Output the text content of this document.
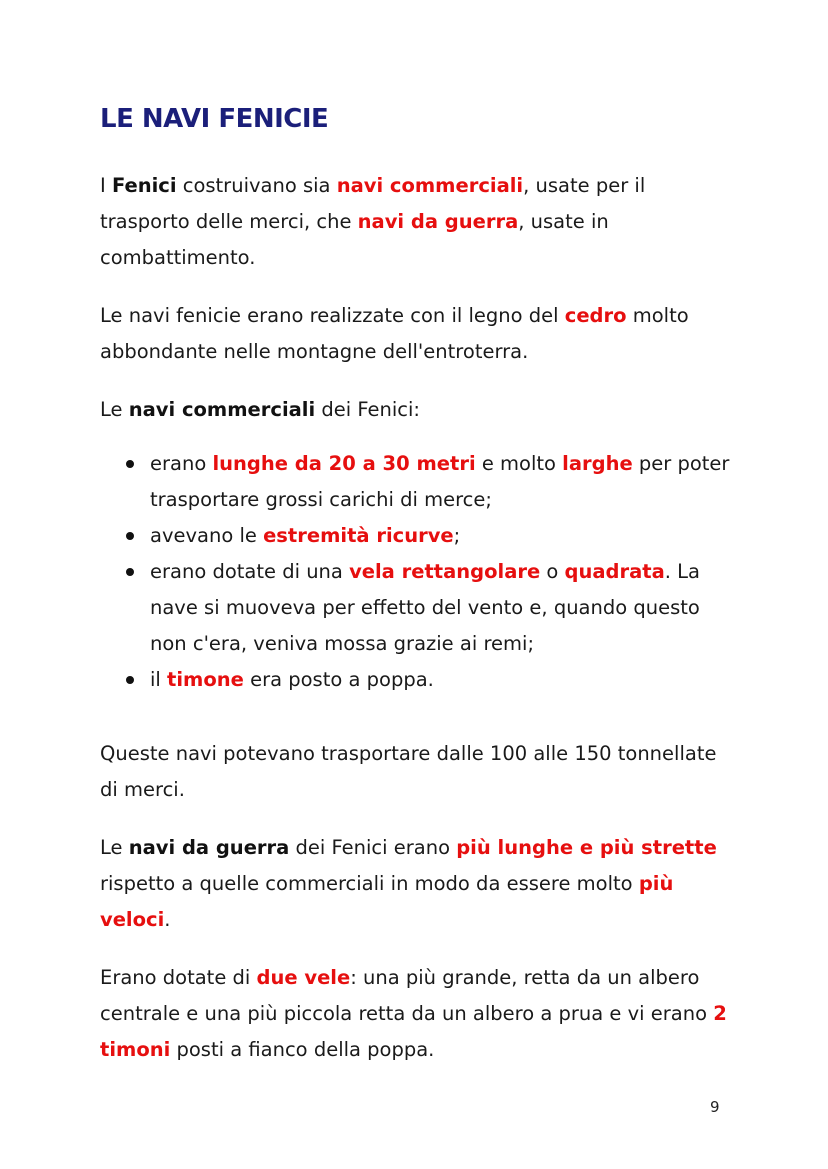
LE NAVI FENICIE

I Fenici costruivano sia navi commerciali, usate per il trasporto delle merci, che navi da guerra, usate in combattimento.

Le navi fenicie erano realizzate con il legno del cedro molto abbondante nelle montagne dell'entroterra.

Le navi commerciali dei Fenici:

erano lunghe da 20 a 30 metri e molto larghe per poter trasportare grossi carichi di merce;
avevano le estremità ricurve;
erano dotate di una vela rettangolare o quadrata. La nave si muoveva per effetto del vento e, quando questo non c'era, veniva mossa grazie ai remi;
il timone era posto a poppa.

Queste navi potevano trasportare dalle 100 alle 150 tonnellate di merci.

Le navi da guerra dei Fenici erano più lunghe e più strette rispetto a quelle commerciali in modo da essere molto più veloci.

Erano dotate di due vele: una più grande, retta da un albero centrale e una più piccola retta da un albero a prua e vi erano 2 timoni posti a fianco della poppa.

9
